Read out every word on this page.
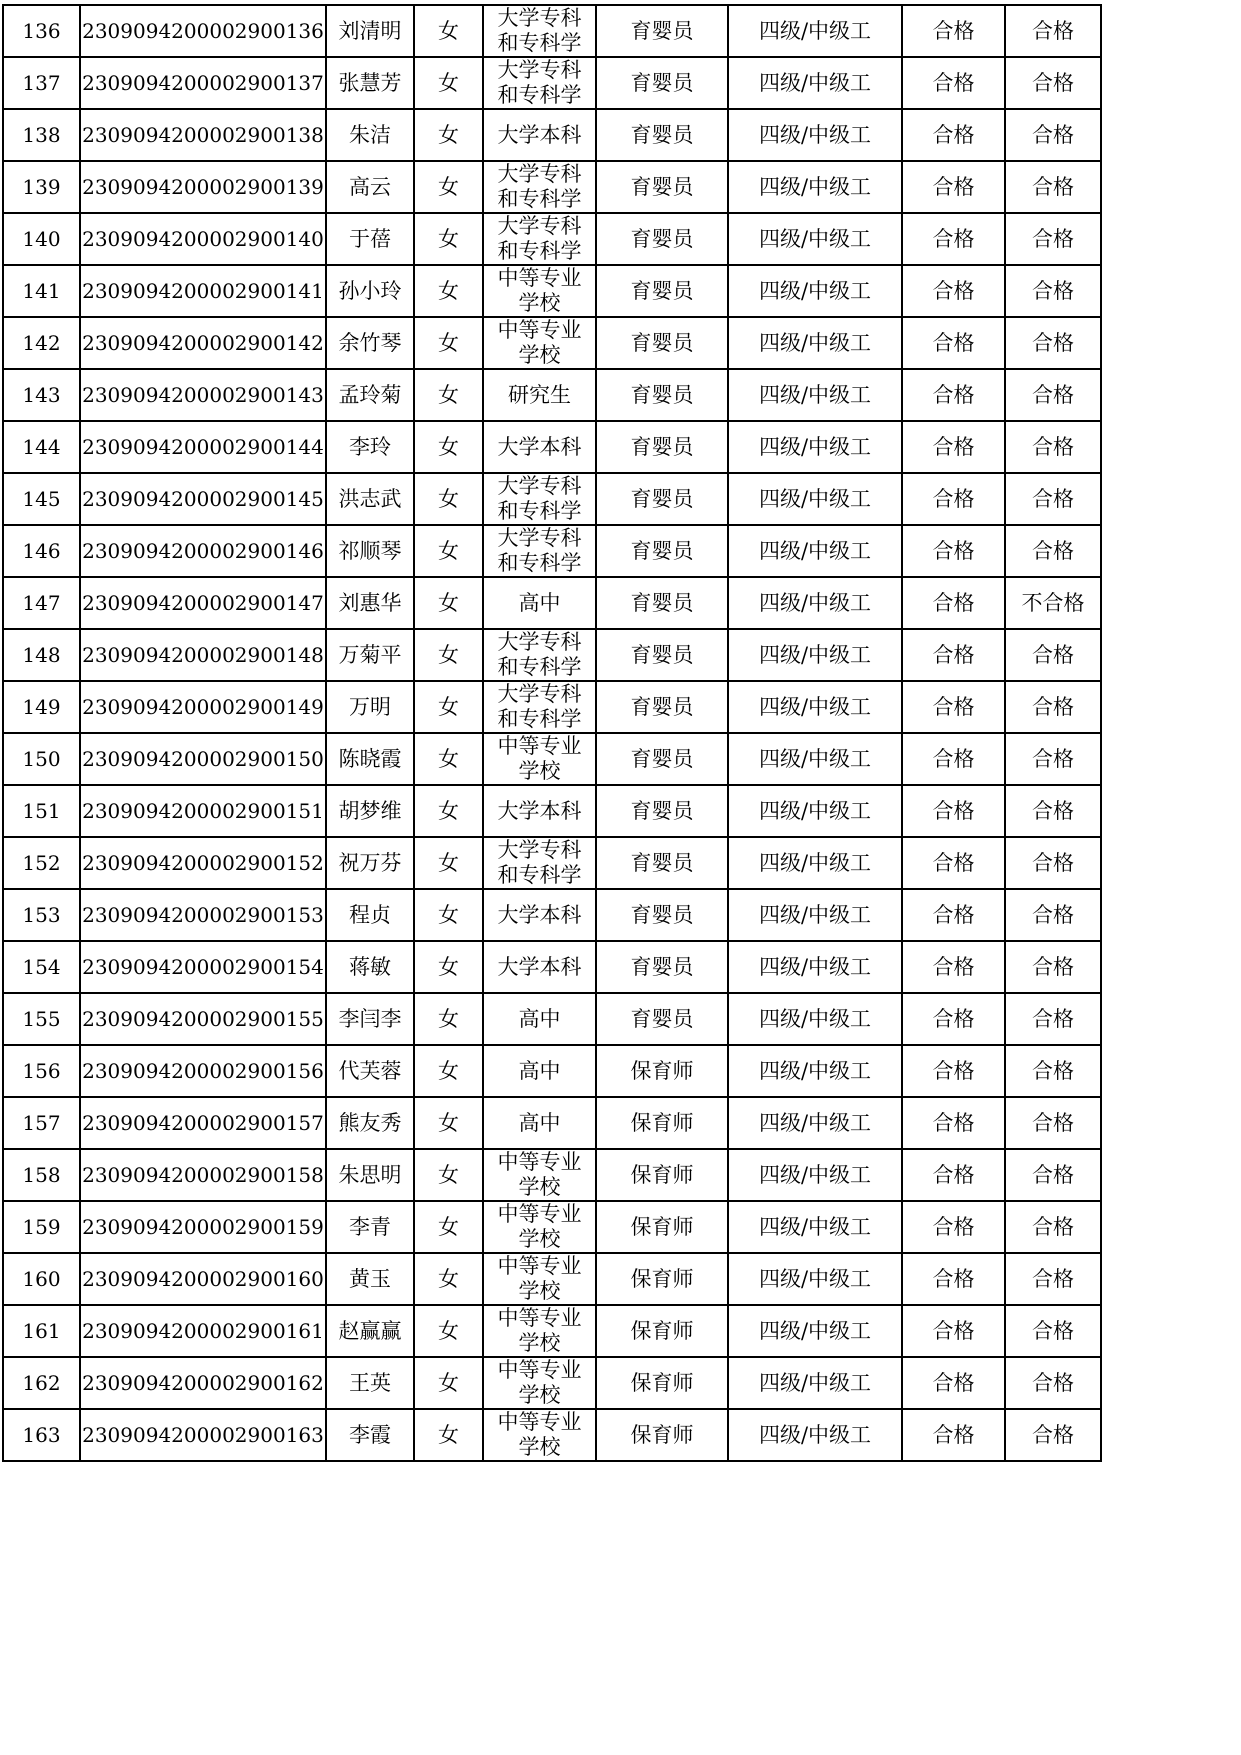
136	2309094200002900136	刘清明	女	大学专科
和专科学	育婴员	四级/中级工	合格	合格
137	2309094200002900137	张慧芳	女	大学专科
和专科学	育婴员	四级/中级工	合格	合格
138	2309094200002900138	朱洁	女	大学本科	育婴员	四级/中级工	合格	合格
139	2309094200002900139	高云	女	大学专科
和专科学	育婴员	四级/中级工	合格	合格
140	2309094200002900140	于蓓	女	大学专科
和专科学	育婴员	四级/中级工	合格	合格
141	2309094200002900141	孙小玲	女	中等专业
学校	育婴员	四级/中级工	合格	合格
142	2309094200002900142	余竹琴	女	中等专业
学校	育婴员	四级/中级工	合格	合格
143	2309094200002900143	孟玲菊	女	研究生	育婴员	四级/中级工	合格	合格
144	2309094200002900144	李玲	女	大学本科	育婴员	四级/中级工	合格	合格
145	2309094200002900145	洪志武	女	大学专科
和专科学	育婴员	四级/中级工	合格	合格
146	2309094200002900146	祁顺琴	女	大学专科
和专科学	育婴员	四级/中级工	合格	合格
147	2309094200002900147	刘惠华	女	高中	育婴员	四级/中级工	合格	不合格
148	2309094200002900148	万菊平	女	大学专科
和专科学	育婴员	四级/中级工	合格	合格
149	2309094200002900149	万明	女	大学专科
和专科学	育婴员	四级/中级工	合格	合格
150	2309094200002900150	陈晓霞	女	中等专业
学校	育婴员	四级/中级工	合格	合格
151	2309094200002900151	胡梦维	女	大学本科	育婴员	四级/中级工	合格	合格
152	2309094200002900152	祝万芬	女	大学专科
和专科学	育婴员	四级/中级工	合格	合格
153	2309094200002900153	程贞	女	大学本科	育婴员	四级/中级工	合格	合格
154	2309094200002900154	蒋敏	女	大学本科	育婴员	四级/中级工	合格	合格
155	2309094200002900155	李闫李	女	高中	育婴员	四级/中级工	合格	合格
156	2309094200002900156	代芙蓉	女	高中	保育师	四级/中级工	合格	合格
157	2309094200002900157	熊友秀	女	高中	保育师	四级/中级工	合格	合格
158	2309094200002900158	朱思明	女	中等专业
学校	保育师	四级/中级工	合格	合格
159	2309094200002900159	李青	女	中等专业
学校	保育师	四级/中级工	合格	合格
160	2309094200002900160	黄玉	女	中等专业
学校	保育师	四级/中级工	合格	合格
161	2309094200002900161	赵赢赢	女	中等专业
学校	保育师	四级/中级工	合格	合格
162	2309094200002900162	王英	女	中等专业
学校	保育师	四级/中级工	合格	合格
163	2309094200002900163	李霞	女	中等专业
学校	保育师	四级/中级工	合格	合格
